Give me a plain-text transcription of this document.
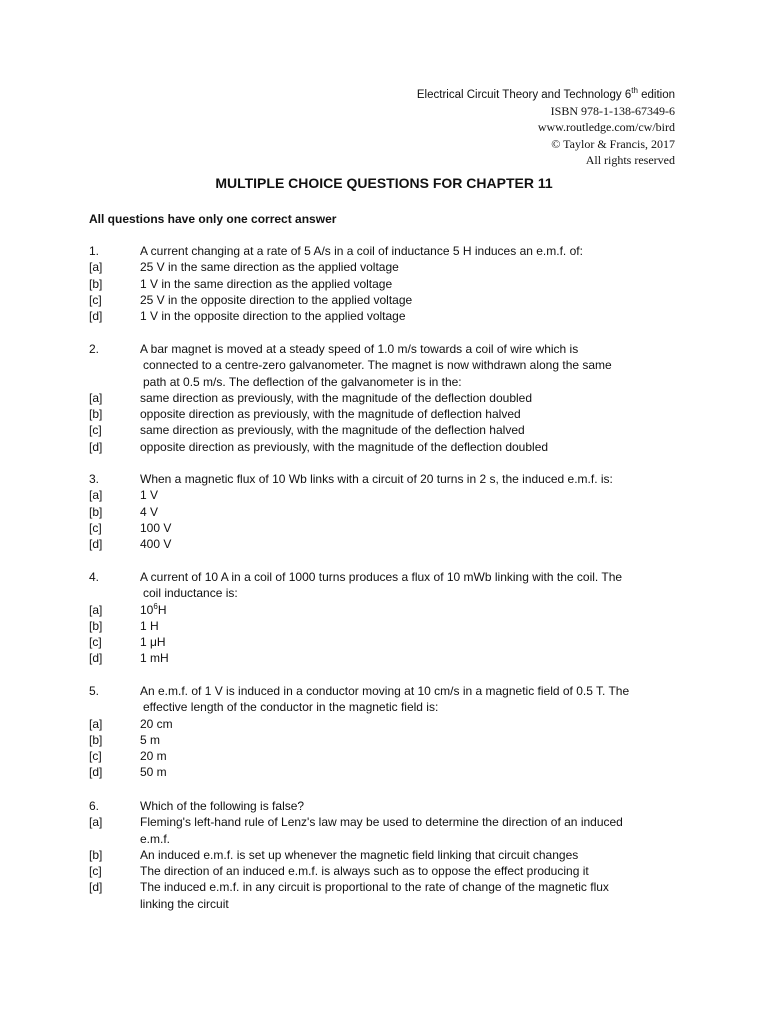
Electrical Circuit Theory and Technology 6th edition
ISBN 978-1-138-67349-6
www.routledge.com/cw/bird
© Taylor & Francis, 2017
All rights reserved
MULTIPLE CHOICE QUESTIONS FOR CHAPTER 11
All questions have only one correct answer
1.	A current changing at a rate of 5 A/s in a coil of inductance 5 H induces an e.m.f. of:
[a]	25 V in the same direction as the applied voltage
[b]	1 V in the same direction as the applied voltage
[c]	25 V in the opposite direction to the applied voltage
[d]	1 V in the opposite direction to the applied voltage
2.	A bar magnet is moved at a steady speed of 1.0 m/s towards a coil of wire which is
connected to a centre-zero galvanometer. The magnet is now withdrawn along the same
path at 0.5 m/s. The deflection of the galvanometer is in the:
[a]	same direction as previously, with the magnitude of the deflection doubled
[b]	opposite direction as previously, with the magnitude of deflection halved
[c]	same direction as previously, with the magnitude of the deflection halved
[d]	opposite direction as previously, with the magnitude of the deflection doubled
3.	When a magnetic flux of 10 Wb links with a circuit of 20 turns in 2 s, the induced e.m.f. is:
[a]	1 V
[b]	4 V
[c]	100 V
[d]	400 V
4.	A current of 10 A in a coil of 1000 turns produces a flux of 10 mWb linking with the coil. The
coil inductance is:
[a]	$10^6H$
[b]	1 H
[c]	1 μH
[d]	1 mH
5.	An e.m.f. of 1 V is induced in a conductor moving at 10 cm/s in a magnetic field of 0.5 T. The
effective length of the conductor in the magnetic field is:
[a]	20 cm
[b]	5 m
[c]	20 m
[d]	50 m
6.	Which of the following is false?
[a]	Fleming's left-hand rule of Lenz's law may be used to determine the direction of an induced
e.m.f.
[b]	An induced e.m.f. is set up whenever the magnetic field linking that circuit changes
[c]	The direction of an induced e.m.f. is always such as to oppose the effect producing it
[d]	The induced e.m.f. in any circuit is proportional to the rate of change of the magnetic flux
linking the circuit
